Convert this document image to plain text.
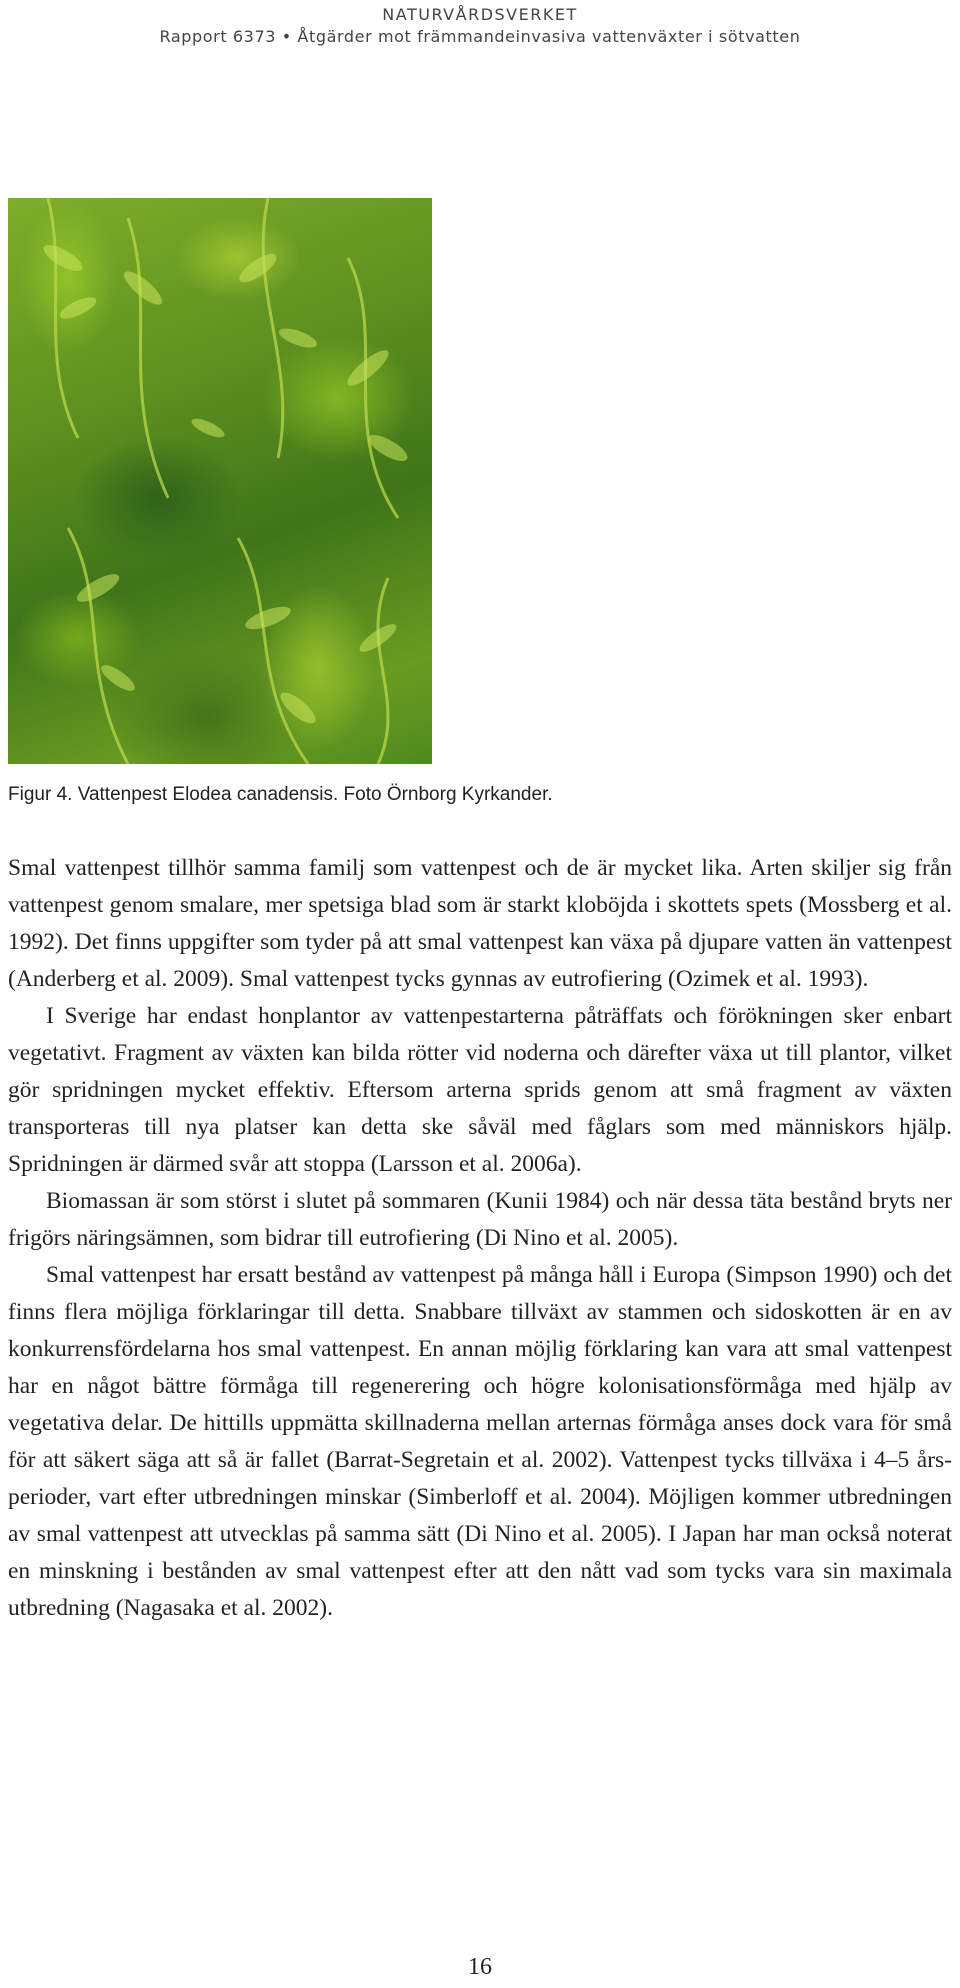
NATURVÅRDSVERKET
Rapport 6373 • Åtgärder mot främmandeinvasiva vattenväxter i sötvatten
Figur 4. Vattenpest Elodea canadensis. Foto Örnborg Kyrkander.

Smal vattenpest tillhör samma familj som vattenpest och de är mycket lika. Arten skiljer sig från vattenpest genom smalare, mer spetsiga blad som är starkt kloböjda i skottets spets (Mossberg et al. 1992). Det finns uppgifter som tyder på att smal vattenpest kan växa på djupare vatten än vattenpest (Anderberg et al. 2009). Smal vattenpest tycks gynnas av eutrofiering (Ozimek et al. 1993).

I Sverige har endast honplantor av vattenpestarterna påträffats och förökningen sker enbart vegetativt. Fragment av växten kan bilda rötter vid noderna och därefter växa ut till plantor, vilket gör spridningen mycket effektiv. Eftersom arterna sprids genom att små fragment av växten transporteras till nya platser kan detta ske såväl med fåglars som med människors hjälp. Spridningen är därmed svår att stoppa (Larsson et al. 2006a).

Biomassan är som störst i slutet på sommaren (Kunii 1984) och när dessa täta bestånd bryts ner frigörs näringsämnen, som bidrar till eutrofiering (Di Nino et al. 2005).

Smal vattenpest har ersatt bestånd av vattenpest på många håll i Europa (Simpson 1990) och det finns flera möjliga förklaringar till detta. Snabbare tillväxt av stammen och sidoskotten är en av konkurrensfördelarna hos smal vattenpest. En annan möjlig förklaring kan vara att smal vattenpest har en något bättre förmåga till regenerering och högre kolonisationsförmåga med hjälp av vegetativa delar. De hittills uppmätta skillnaderna mellan arternas förmåga anses dock vara för små för att säkert säga att så är fallet (Barrat-Segretain et al. 2002). Vattenpest tycks tillväxa i 4–5 års-perioder, vart efter utbredningen minskar (Simberloff et al. 2004). Möjligen kommer utbredningen av smal vattenpest att utvecklas på samma sätt (Di Nino et al. 2005). I Japan har man också noterat en minskning i bestånden av smal vattenpest efter att den nått vad som tycks vara sin maximala utbredning (Nagasaka et al. 2002).

16
